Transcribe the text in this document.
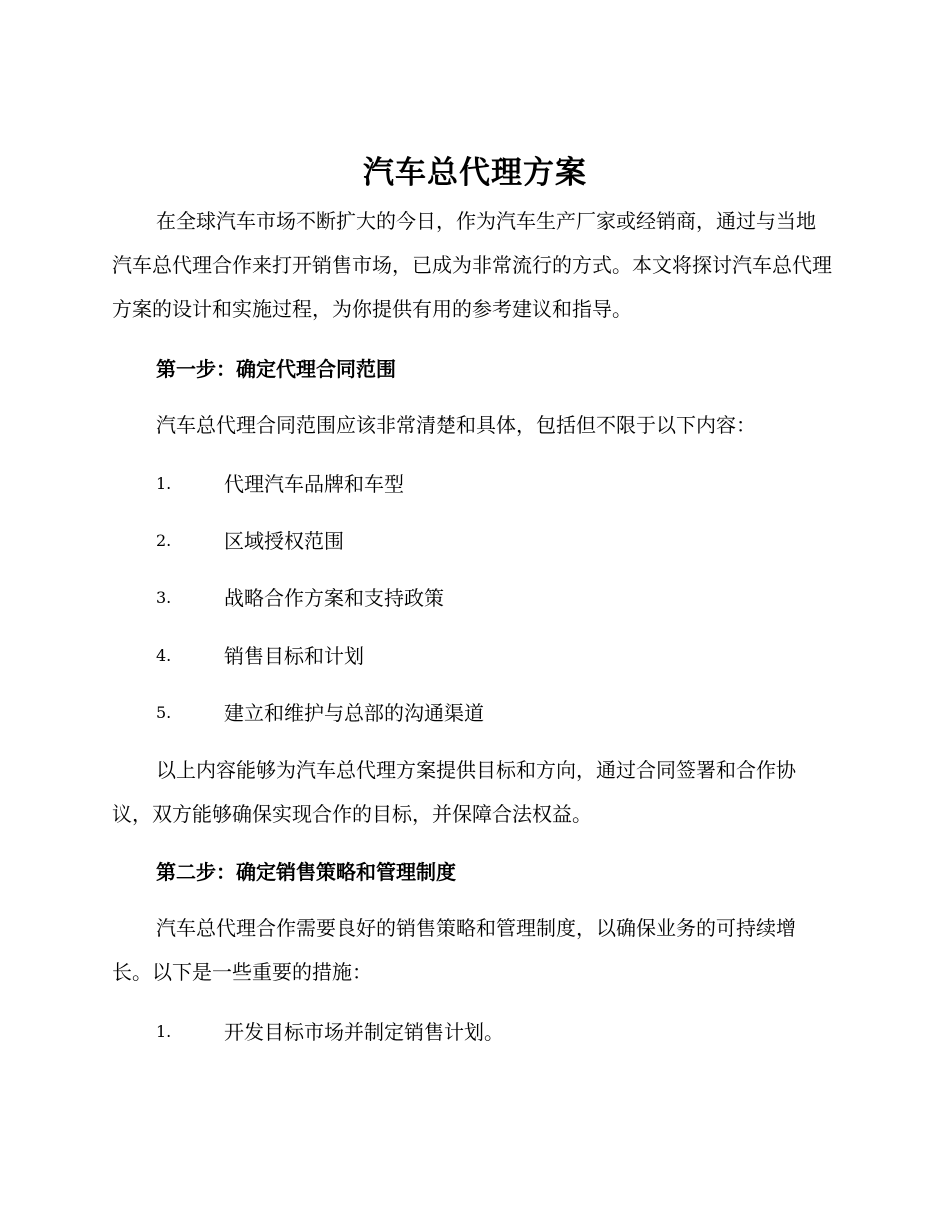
汽车总代理方案
在全球汽车市场不断扩大的今日，作为汽车生产厂家或经销商，通过与当地汽车总代理合作来打开销售市场，已成为非常流行的方式。本文将探讨汽车总代理方案的设计和实施过程，为你提供有用的参考建议和指导。
第一步：确定代理合同范围
汽车总代理合同范围应该非常清楚和具体，包括但不限于以下内容：
1.	代理汽车品牌和车型
2.	区域授权范围
3.	战略合作方案和支持政策
4.	销售目标和计划
5.	建立和维护与总部的沟通渠道
以上内容能够为汽车总代理方案提供目标和方向，通过合同签署和合作协议，双方能够确保实现合作的目标，并保障合法权益。
第二步：确定销售策略和管理制度
汽车总代理合作需要良好的销售策略和管理制度，以确保业务的可持续增长。以下是一些重要的措施：
1.	开发目标市场并制定销售计划。
